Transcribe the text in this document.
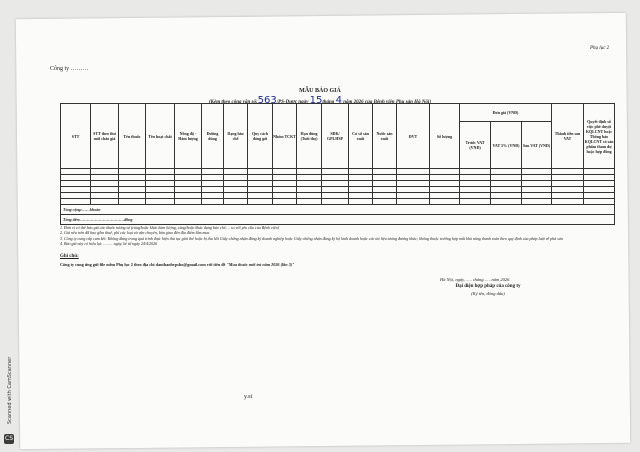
Công ty ………
Phụ lục 2
MẪU BÁO GIÁ
(Kèm theo công văn số:563/PS-Dược ngày 15tháng 4 năm 2026 của Bệnh viện Phụ sản Hà Nội)
STT	STT theo thư mời chào giá	Tên thuốc	Tên hoạt chất	Nồng độ - Hàm lượng	Đường dùng	Dạng bào chế	Quy cách đóng gói	Nhóm TCKT	Hạn dùng (Tuổi thọ)	SĐK/ GPLHSP	Cơ sở sản xuất	Nước sản xuất	ĐVT	Số lượng	Đơn giá (VNĐ)			Thành tiền sau VAT	Quyết định số việc phê duyệt KQLCNT hoặc Thông báo KQLCNT có sản phẩm tham dự hoặc hợp đồng
															Trước VAT (VNĐ)	VAT 5% (VNĐ)	Sau VAT (VNĐ)		

Tổng cộng:……khoản																			
Tổng tiền:……………………………đồng																			
1. Đơn vị có thể báo giá các thuốc tương tự (cùng/hoặc khác hàm lượng, cùng/hoặc khác dạng bào chế,… so với yêu cầu của Bệnh viện)
2. Giá nêu trên đã bao gồm thuế, phí các loại và vận chuyển, bàn giao đến địa điểm lấm mua
3. Công ty cung cấp cam kết: Không đang trong quá trình thực hiện thủ tục giải thể hoặc bị thu hồi Giấy chứng nhận đăng ký doanh nghiệp hoặc Giấy chứng nhận đăng ký hộ kinh doanh hoặc các tài liệu tương đương khác; không thuộc trường hợp mất khả năng thanh toán theo quy định của pháp luật về phá sản
4. Báo giá này có hiệu lực ………ngày, kể từ ngày 24/4/2026
Ghi chú:
Công ty cung ứng gửi file mềm Phụ lục 2 theo địa chỉ danthanhvpsho@gmail.com với tiêu đề "Mua thuốc mời trả năm 2026 (lần 3)"
Hà Nội, ngày…… tháng……năm 2026
Đại diện hợp pháp của công ty
(Ký tên, đóng dấu)
Scanned with CamScanner
CS
y.st
